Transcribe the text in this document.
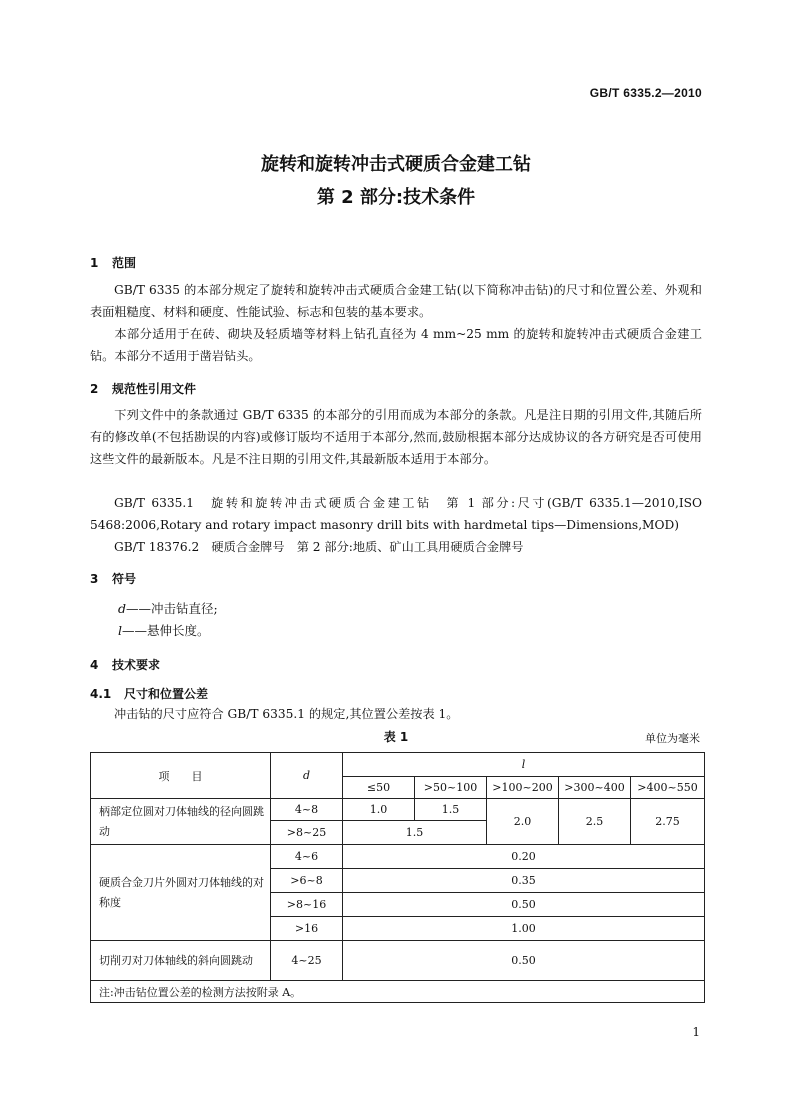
GB/T 6335.2—2010
旋转和旋转冲击式硬质合金建工钻
第 2 部分:技术条件
1 范围
GB/T 6335 的本部分规定了旋转和旋转冲击式硬质合金建工钻(以下简称冲击钻)的尺寸和位置公差、外观和表面粗糙度、材料和硬度、性能试验、标志和包装的基本要求。
本部分适用于在砖、砌块及轻质墙等材料上钻孔直径为 4 mm~25 mm 的旋转和旋转冲击式硬质合金建工钻。本部分不适用于凿岩钻头。
2 规范性引用文件
下列文件中的条款通过 GB/T 6335 的本部分的引用而成为本部分的条款。凡是注日期的引用文件,其随后所有的修改单(不包括勘误的内容)或修订版均不适用于本部分,然而,鼓励根据本部分达成协议的各方研究是否可使用这些文件的最新版本。凡是不注日期的引用文件,其最新版本适用于本部分。
GB/T 6335.1　旋转和旋转冲击式硬质合金建工钻　第 1 部分:尺寸(GB/T 6335.1—2010,ISO 5468:2006,Rotary and rotary impact masonry drill bits with hardmetal tips—Dimensions,MOD)
GB/T 18376.2　硬质合金牌号　第 2 部分:地质、矿山工具用硬质合金牌号
3 符号
d——冲击钻直径;
l——悬伸长度。
4 技术要求
4.1 尺寸和位置公差
冲击钻的尺寸应符合 GB/T 6335.1 的规定,其位置公差按表 1。
表 1	单位为毫米
项　　目	d	l				
		≤50	>50~100	>100~200	>300~400	>400~550
柄部定位圆对刀体轴线的径向圆跳动	4~8	1.0	1.5	2.0	2.5	2.75
	>8~25	1.5				
硬质合金刀片外圆对刀体轴线的对称度	4~6	0.20				
	>6~8	0.35				
	>8~16	0.50				
	>16	1.00				
切削刃对刀体轴线的斜向圆跳动	4~25	0.50				
注:冲击钻位置公差的检测方法按附录 A。						
1
